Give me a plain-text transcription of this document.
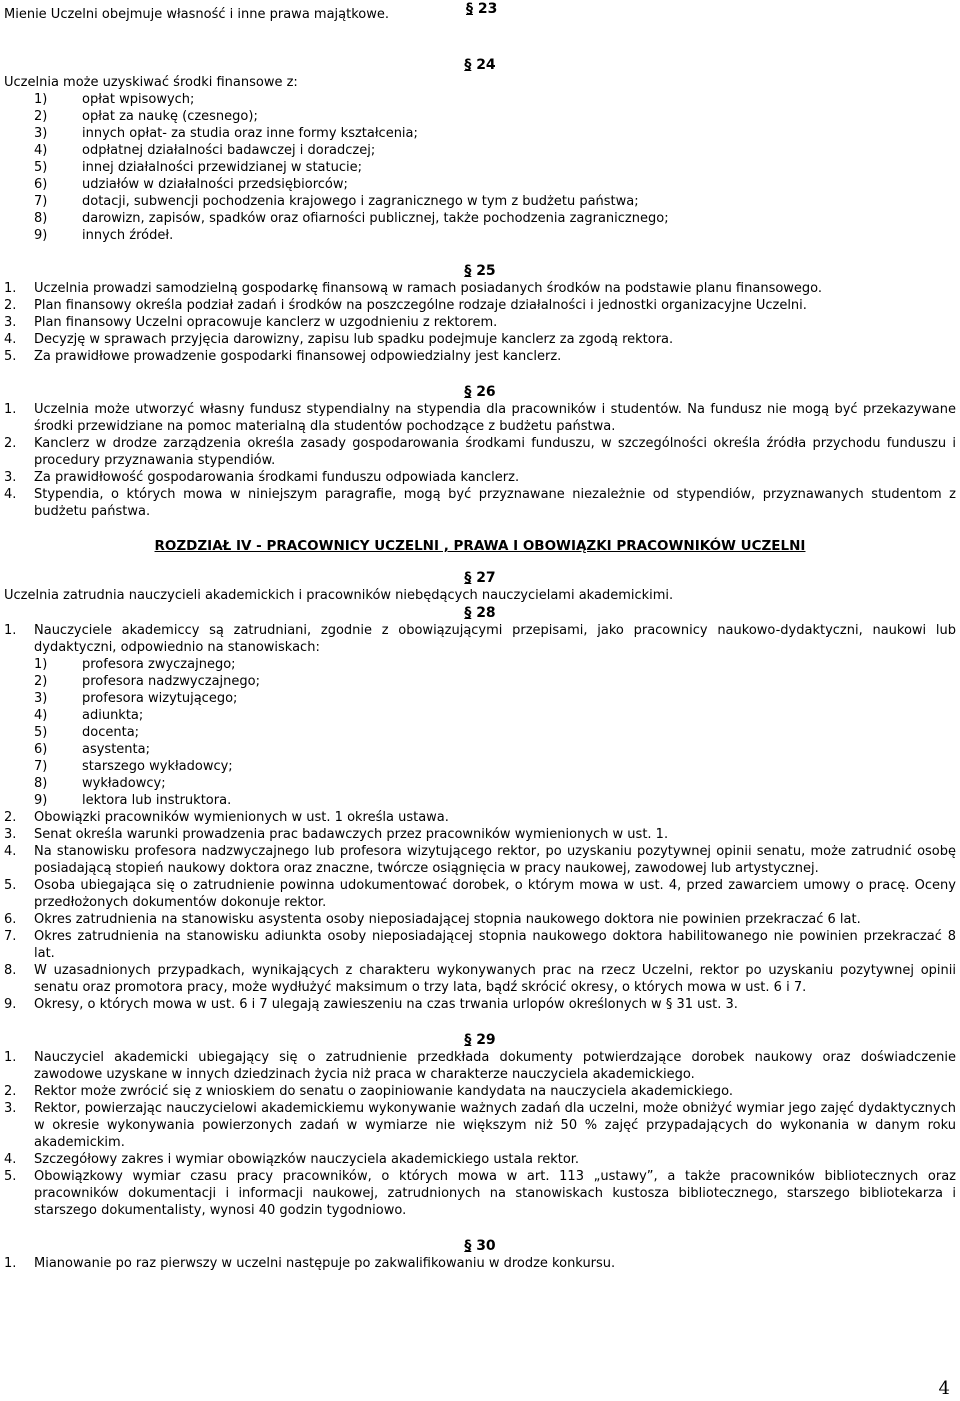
Mienie Uczelni obejmuje własność i inne prawa majątkowe.	§ 23
§ 24
Uczelnia może uzyskiwać środki finansowe z:
1)	opłat wpisowych;
2)	opłat za naukę (czesnego);
3)	innych opłat- za studia oraz inne formy kształcenia;
4)	odpłatnej działalności badawczej i doradczej;
5)	innej działalności przewidzianej w statucie;
6)	udziałów w działalności przedsiębiorców;
7)	dotacji, subwencji pochodzenia krajowego i zagranicznego w tym z budżetu państwa;
8)	darowizn, zapisów, spadków oraz ofiarności publicznej, także pochodzenia zagranicznego;
9)	innych źródeł.
§ 25
1.	Uczelnia prowadzi samodzielną gospodarkę finansową w ramach posiadanych środków na podstawie planu finansowego.
2.	Plan finansowy określa podział zadań i środków na poszczególne rodzaje działalności i jednostki organizacyjne Uczelni.
3.	Plan finansowy Uczelni opracowuje kanclerz w uzgodnieniu z rektorem.
4.	Decyzję w sprawach przyjęcia darowizny, zapisu lub spadku podejmuje kanclerz za zgodą rektora.
5.	Za prawidłowe prowadzenie gospodarki finansowej odpowiedzialny jest kanclerz.
§ 26
1.	Uczelnia może utworzyć własny fundusz stypendialny na stypendia dla pracowników i studentów. Na fundusz nie mogą być przekazywane środki przewidziane na pomoc materialną dla studentów pochodzące z budżetu państwa.
2.	Kanclerz w drodze zarządzenia określa zasady gospodarowania środkami funduszu, w szczególności określa źródła przychodu funduszu i procedury przyznawania stypendiów.
3.	Za prawidłowość gospodarowania środkami funduszu odpowiada kanclerz.
4.	Stypendia, o których mowa w niniejszym paragrafie, mogą być przyznawane niezależnie od stypendiów, przyznawanych studentom z budżetu państwa.
ROZDZIAŁ IV - PRACOWNICY UCZELNI , PRAWA I OBOWIĄZKI PRACOWNIKÓW UCZELNI
§ 27
Uczelnia zatrudnia nauczycieli akademickich i pracowników niebędących nauczycielami akademickimi.
§ 28
1.	Nauczyciele akademiccy są zatrudniani, zgodnie z obowiązującymi przepisami, jako pracownicy naukowo-dydaktyczni, naukowi lub dydaktyczni, odpowiednio na stanowiskach:
1)	profesora zwyczajnego;
2)	profesora nadzwyczajnego;
3)	profesora wizytującego;
4)	adiunkta;
5)	docenta;
6)	asystenta;
7)	starszego wykładowcy;
8)	wykładowcy;
9)	lektora lub instruktora.
2.	Obowiązki pracowników wymienionych w ust. 1 określa ustawa.
3.	Senat określa warunki prowadzenia prac badawczych przez pracowników wymienionych w ust. 1.
4.	Na stanowisku profesora nadzwyczajnego lub profesora wizytującego rektor, po uzyskaniu pozytywnej opinii senatu, może zatrudnić osobę posiadającą stopień naukowy doktora oraz znaczne, twórcze osiągnięcia w pracy naukowej, zawodowej lub artystycznej.
5.	Osoba ubiegająca się o zatrudnienie powinna udokumentować dorobek, o którym mowa w ust. 4, przed zawarciem umowy o pracę. Oceny przedłożonych dokumentów dokonuje rektor.
6.	Okres zatrudnienia na stanowisku asystenta osoby nieposiadającej stopnia naukowego doktora nie powinien przekraczać 6 lat.
7.	Okres zatrudnienia na stanowisku adiunkta osoby nieposiadającej stopnia naukowego doktora habilitowanego nie powinien przekraczać 8 lat.
8.	W uzasadnionych przypadkach, wynikających z charakteru wykonywanych prac na rzecz Uczelni, rektor po uzyskaniu pozytywnej opinii senatu oraz promotora pracy, może wydłużyć maksimum o trzy lata, bądź skrócić okresy, o których mowa w ust. 6 i 7.
9.	Okresy, o których mowa w ust. 6 i 7 ulegają zawieszeniu na czas trwania urlopów określonych w § 31 ust. 3.
§ 29
1.	Nauczyciel akademicki ubiegający się o zatrudnienie przedkłada dokumenty potwierdzające dorobek naukowy oraz doświadczenie zawodowe uzyskane w innych dziedzinach życia niż praca w charakterze nauczyciela akademickiego.
2.	Rektor może zwrócić się z wnioskiem do senatu o zaopiniowanie kandydata na nauczyciela akademickiego.
3.	Rektor, powierzając nauczycielowi akademickiemu wykonywanie ważnych zadań dla uczelni, może obniżyć wymiar jego zajęć dydaktycznych w okresie wykonywania powierzonych zadań w wymiarze nie większym niż 50 % zajęć przypadających do wykonania w danym roku akademickim.
4.	Szczegółowy zakres i wymiar obowiązków nauczyciela akademickiego ustala rektor.
5.	Obowiązkowy wymiar czasu pracy pracowników, o których mowa w art. 113 „ustawy”, a także pracowników bibliotecznych oraz pracowników dokumentacji i informacji naukowej, zatrudnionych na stanowiskach kustosza bibliotecznego, starszego bibliotekarza i starszego dokumentalisty, wynosi 40 godzin tygodniowo.
§ 30
1.	Mianowanie po raz pierwszy w uczelni następuje po zakwalifikowaniu w drodze konkursu.
4
